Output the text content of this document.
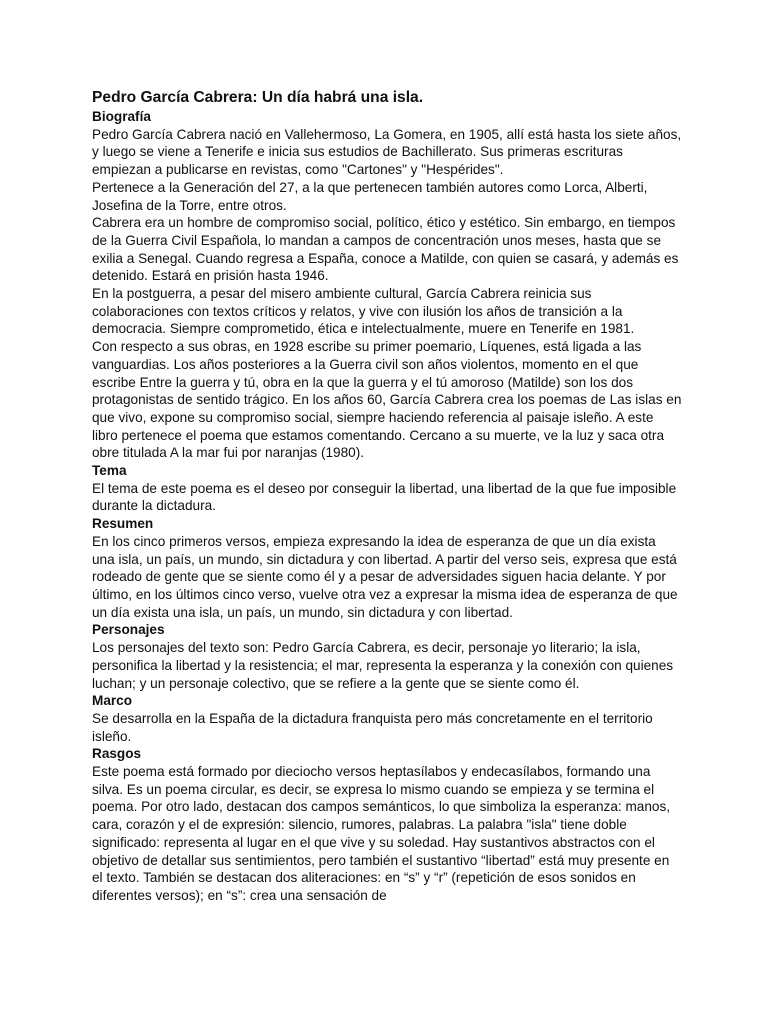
Pedro García Cabrera: Un día habrá una isla.
Biografía
Pedro García Cabrera nació en Vallehermoso, La Gomera, en 1905, allí está hasta los siete años, y luego se viene a Tenerife e inicia sus estudios de Bachillerato. Sus primeras escrituras empiezan a publicarse en revistas, como "Cartones" y "Hespérides".
Pertenece a la Generación del 27, a la que pertenecen también autores como Lorca, Alberti, Josefina de la Torre, entre otros.
Cabrera era un hombre de compromiso social, político, ético y estético. Sin embargo, en tiempos de la Guerra Civil Española, lo mandan a campos de concentración unos meses, hasta que se exilia a Senegal. Cuando regresa a España, conoce a Matilde, con quien se casará, y además es detenido. Estará en prisión hasta 1946.
En la postguerra, a pesar del misero ambiente cultural, García Cabrera reinicia sus colaboraciones con textos críticos y relatos, y vive con ilusión los años de transición a la democracia. Siempre comprometido, ética e intelectualmente, muere en Tenerife en 1981.
Con respecto a sus obras, en 1928 escribe su primer poemario, Líquenes, está ligada a las vanguardias. Los años posteriores a la Guerra civil son años violentos, momento en el que escribe Entre la guerra y tú, obra en la que la guerra y el tú amoroso (Matilde) son los dos protagonistas de sentido trágico. En los años 60, García Cabrera crea los poemas de Las islas en que vivo, expone su compromiso social, siempre haciendo referencia al paisaje isleño. A este libro pertenece el poema que estamos comentando. Cercano a su muerte, ve la luz y saca otra obre titulada A la mar fui por naranjas (1980).
Tema
El tema de este poema es el deseo por conseguir la libertad, una libertad de la que fue imposible durante la dictadura.
Resumen
En los cinco primeros versos, empieza expresando la idea de esperanza de que un día exista una isla, un país, un mundo, sin dictadura y con libertad. A partir del verso seis, expresa que está rodeado de gente que se siente como él y a pesar de adversidades siguen hacia delante. Y por último, en los últimos cinco verso, vuelve otra vez a expresar la misma idea de esperanza de que un día exista una isla, un país, un mundo, sin dictadura y con libertad.
Personajes
Los personajes del texto son: Pedro García Cabrera, es decir, personaje yo literario; la isla, personifica la libertad y la resistencia; el mar, representa la esperanza y la conexión con quienes luchan; y un personaje colectivo, que se refiere a la gente que se siente como él.
Marco
Se desarrolla en la España de la dictadura franquista pero más concretamente en el territorio isleño.
Rasgos
Este poema está formado por dieciocho versos heptasílabos y endecasílabos, formando una silva. Es un poema circular, es decir, se expresa lo mismo cuando se empieza y se termina el poema. Por otro lado, destacan dos campos semánticos, lo que simboliza la esperanza: manos, cara, corazón y el de expresión: silencio, rumores, palabras. La palabra "isla" tiene doble significado: representa al lugar en el que vive y su soledad. Hay sustantivos abstractos con el objetivo de detallar sus sentimientos, pero también el sustantivo “libertad” está muy presente en el texto. También se destacan dos aliteraciones: en “s” y “r” (repetición de esos sonidos en diferentes versos); en “s”: crea una sensación de
